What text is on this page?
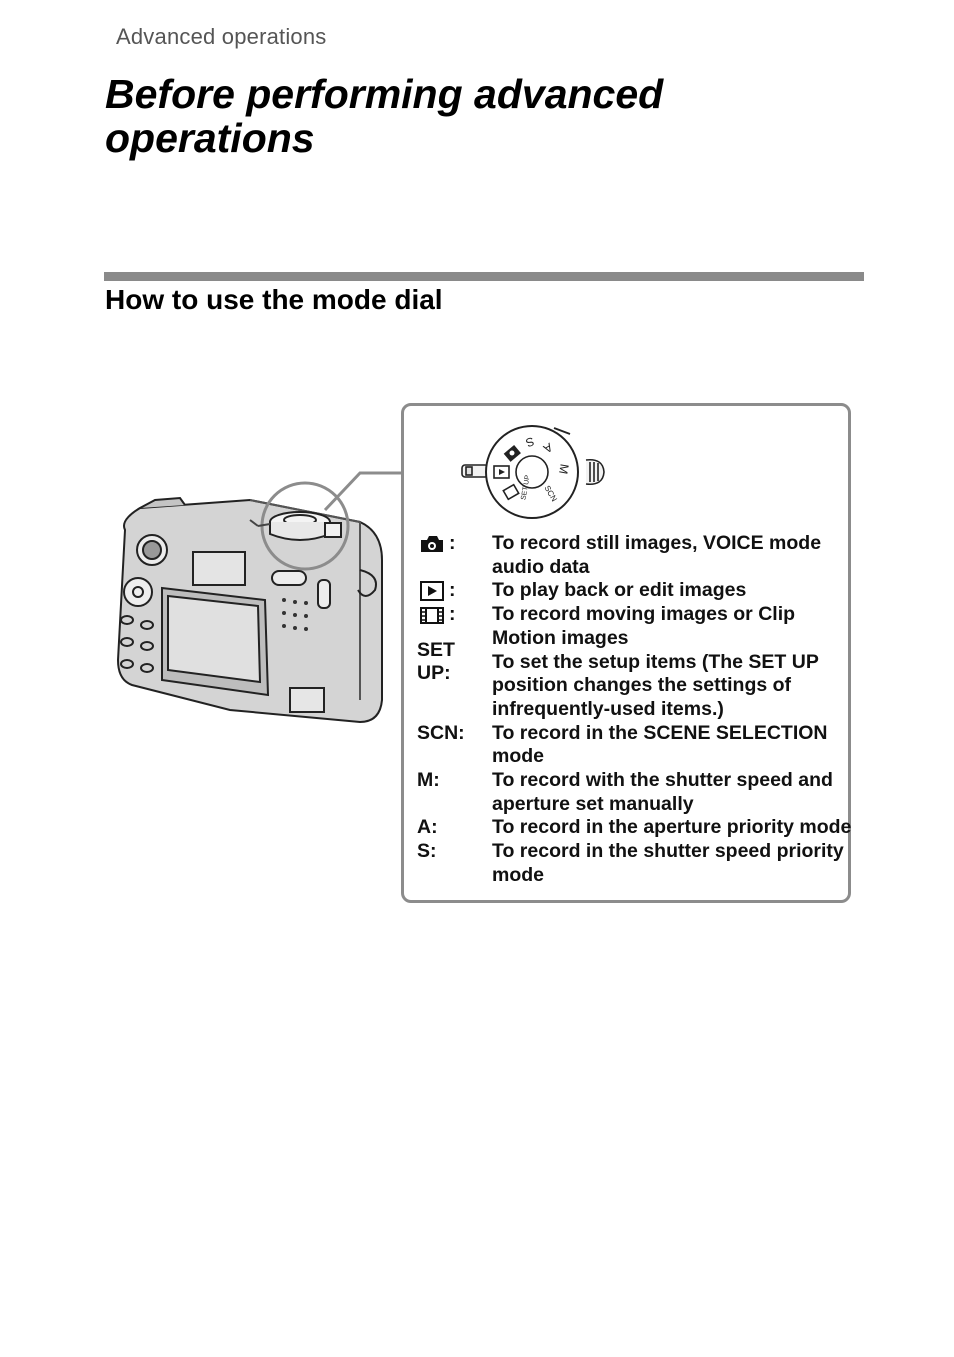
Advanced operations
Before performing advanced operations
How to use the mode dial
S A
M
SCN
SET UP
: To record still images, VOICE mode audio data
: To play back or edit images
: To record moving images or Clip Motion images
SET UP:
To set the setup items (The SET UP position changes the settings of infrequently-used items.)
SCN:	To record in the SCENE SELECTION mode
M:	To record with the shutter speed and aperture set manually
A:	To record in the aperture priority mode
S:	To record in the shutter speed priority mode
